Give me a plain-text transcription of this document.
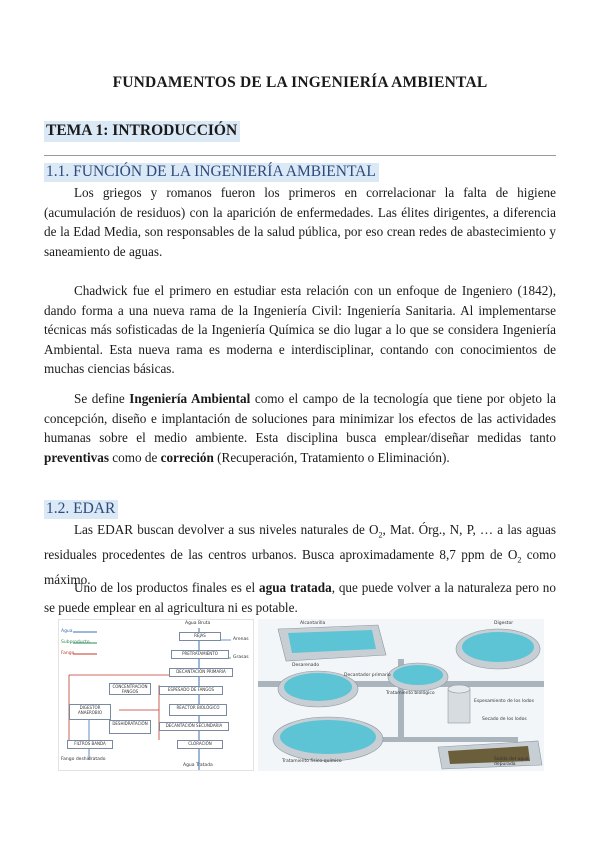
FUNDAMENTOS DE LA INGENIERÍA AMBIENTAL
TEMA 1: INTRODUCCIÓN
1.1. FUNCIÓN DE LA INGENIERÍA AMBIENTAL

Los griegos y romanos fueron los primeros en correlacionar la falta de higiene (acumulación de residuos) con la aparición de enfermedades. Las élites dirigentes, a diferencia de la Edad Media, son responsables de la salud pública, por eso crean redes de abastecimiento y saneamiento de aguas.

Chadwick fue el primero en estudiar esta relación con un enfoque de Ingeniero (1842), dando forma a una nueva rama de la Ingeniería Civil: Ingeniería Sanitaria. Al implementarse técnicas más sofisticadas de la Ingeniería Química se dio lugar a lo que se considera Ingeniería Ambiental. Esta nueva rama es moderna e interdisciplinar, contando con conocimientos de muchas ciencias básicas.

Se define Ingeniería Ambiental como el campo de la tecnología que tiene por objeto la concepción, diseño e implantación de soluciones para minimizar los efectos de las actividades humanas sobre el medio ambiente. Esta disciplina busca emplear/diseñar medidas tanto preventivas como de correción (Recuperación, Tratamiento o Eliminación).

1.2. EDAR

Las EDAR buscan devolver a sus niveles naturales de $O_2$, Mat. Órg., N, P, … a las aguas residuales procedentes de las centros urbanos. Busca aproximadamente 8,7 ppm de $O_2$ como máximo.

Uno de los productos finales es el agua tratada, que puede volver a la naturaleza pero no se puede emplear en al agricultura ni es potable.

Agua
Subproducto
Fango
Agua Bruta
REJAS
Arenas
PRETRATAMIENTO
Grasas
DECANTACIÓN PRIMARIA
CONCENTRACIÓN FANGOS	ESPESADO DE FANGOS
DIGESTOR ANAEROBIO
REACTOR BIOLÓGICO
DESHIDRATACIÓN	DECANTACIÓN SECUNDARIA
FILTROS BANDA	CLORACIÓN
Fango deshidratado
Agua Tratada
Alcantarilla
Desarenado
Decantador primario
Digestor
Tratamiento biológico
Espesamiento de los lodos
Secado de los lodos
Tratamiento físico-químico	Salida del agua depurada
